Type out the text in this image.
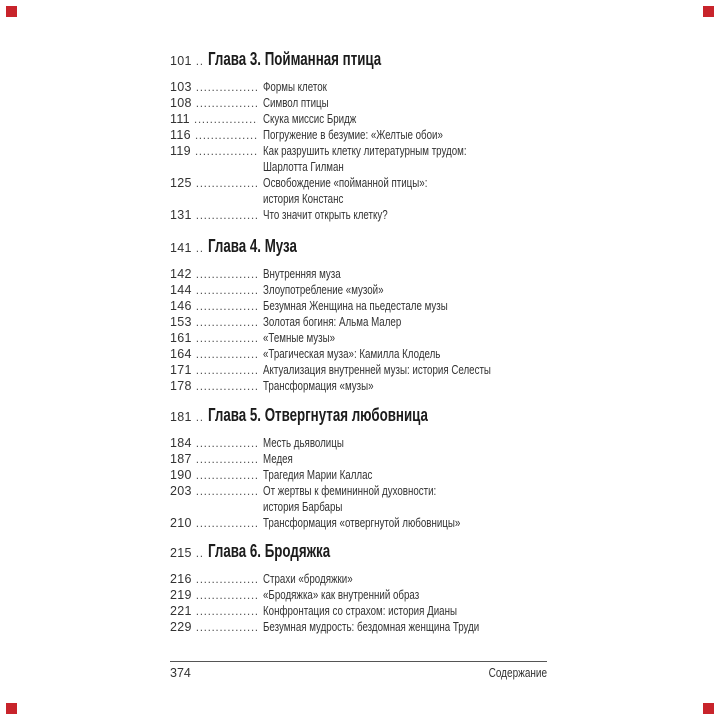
101 ..... Глава 3. Пойманная птица
103 .....	Формы клеток
108 .....	Символ птицы
111 .....	Скука миссис Бридж
116 .....	Погружение в безумие: «Желтые обои»
119 .....	Как разрушить клетку литературным трудом:
Шарлотта Гилман
125 .....	Освобождение «пойманной птицы»:
история Констанс
131 .....	Что значит открыть клетку?
141 ..... Глава 4. Муза
142 .....	Внутренняя муза
144 .....	Злоупотребление «музой»
146 .....	Безумная Женщина на пьедестале музы
153 .....	Золотая богиня: Альма Малер
161 .....	«Темные музы»
164 .....	«Трагическая муза»: Камилла Клодель
171 .....	Актуализация внутренней музы: история Селесты
178 .....	Трансформация «музы»
181 ..... Глава 5. Отвергнутая любовница
184 .....	Месть дьяволицы
187 .....	Медея
190 .....	Трагедия Марии Каллас
203 .....	От жертвы к фемининной духовности:
история Барбары
210 .....	Трансформация «отвергнутой любовницы»
215 ..... Глава 6. Бродяжка
216 .....	Страхи «бродяжки»
219 .....	«Бродяжка» как внутренний образ
221 .....	Конфронтация со страхом: история Дианы
229 .....	Безумная мудрость: бездомная женщина Труди
374	Содержание
